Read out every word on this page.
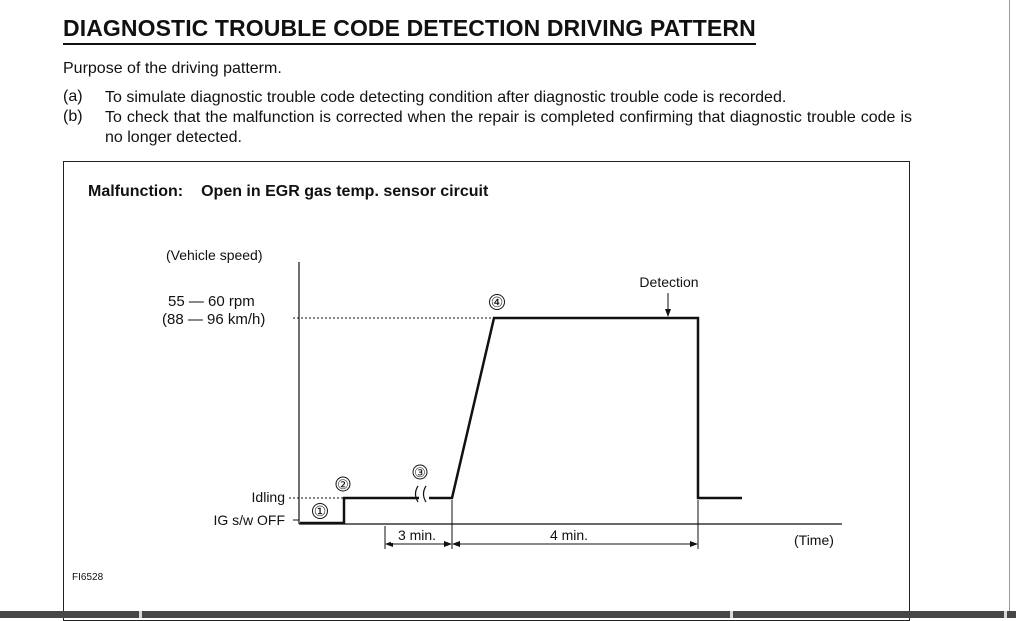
DIAGNOSTIC TROUBLE CODE DETECTION DRIVING PATTERN
Purpose of the driving patterm.
(a) To simulate diagnostic trouble code detecting condition after diagnostic trouble code is recorded.
(b) To check that the malfunction is corrected when the repair is completed confirming that diagnostic trouble code is no longer detected.
Malfunction: Open in EGR gas temp. sensor circuit
①
②
③
④
(Vehicle speed)
55 — 60 rpm
(88 — 96 km/h)
Idling
IG s/w OFF
(Time)
Detection
3 min.	4 min.
FI6528
